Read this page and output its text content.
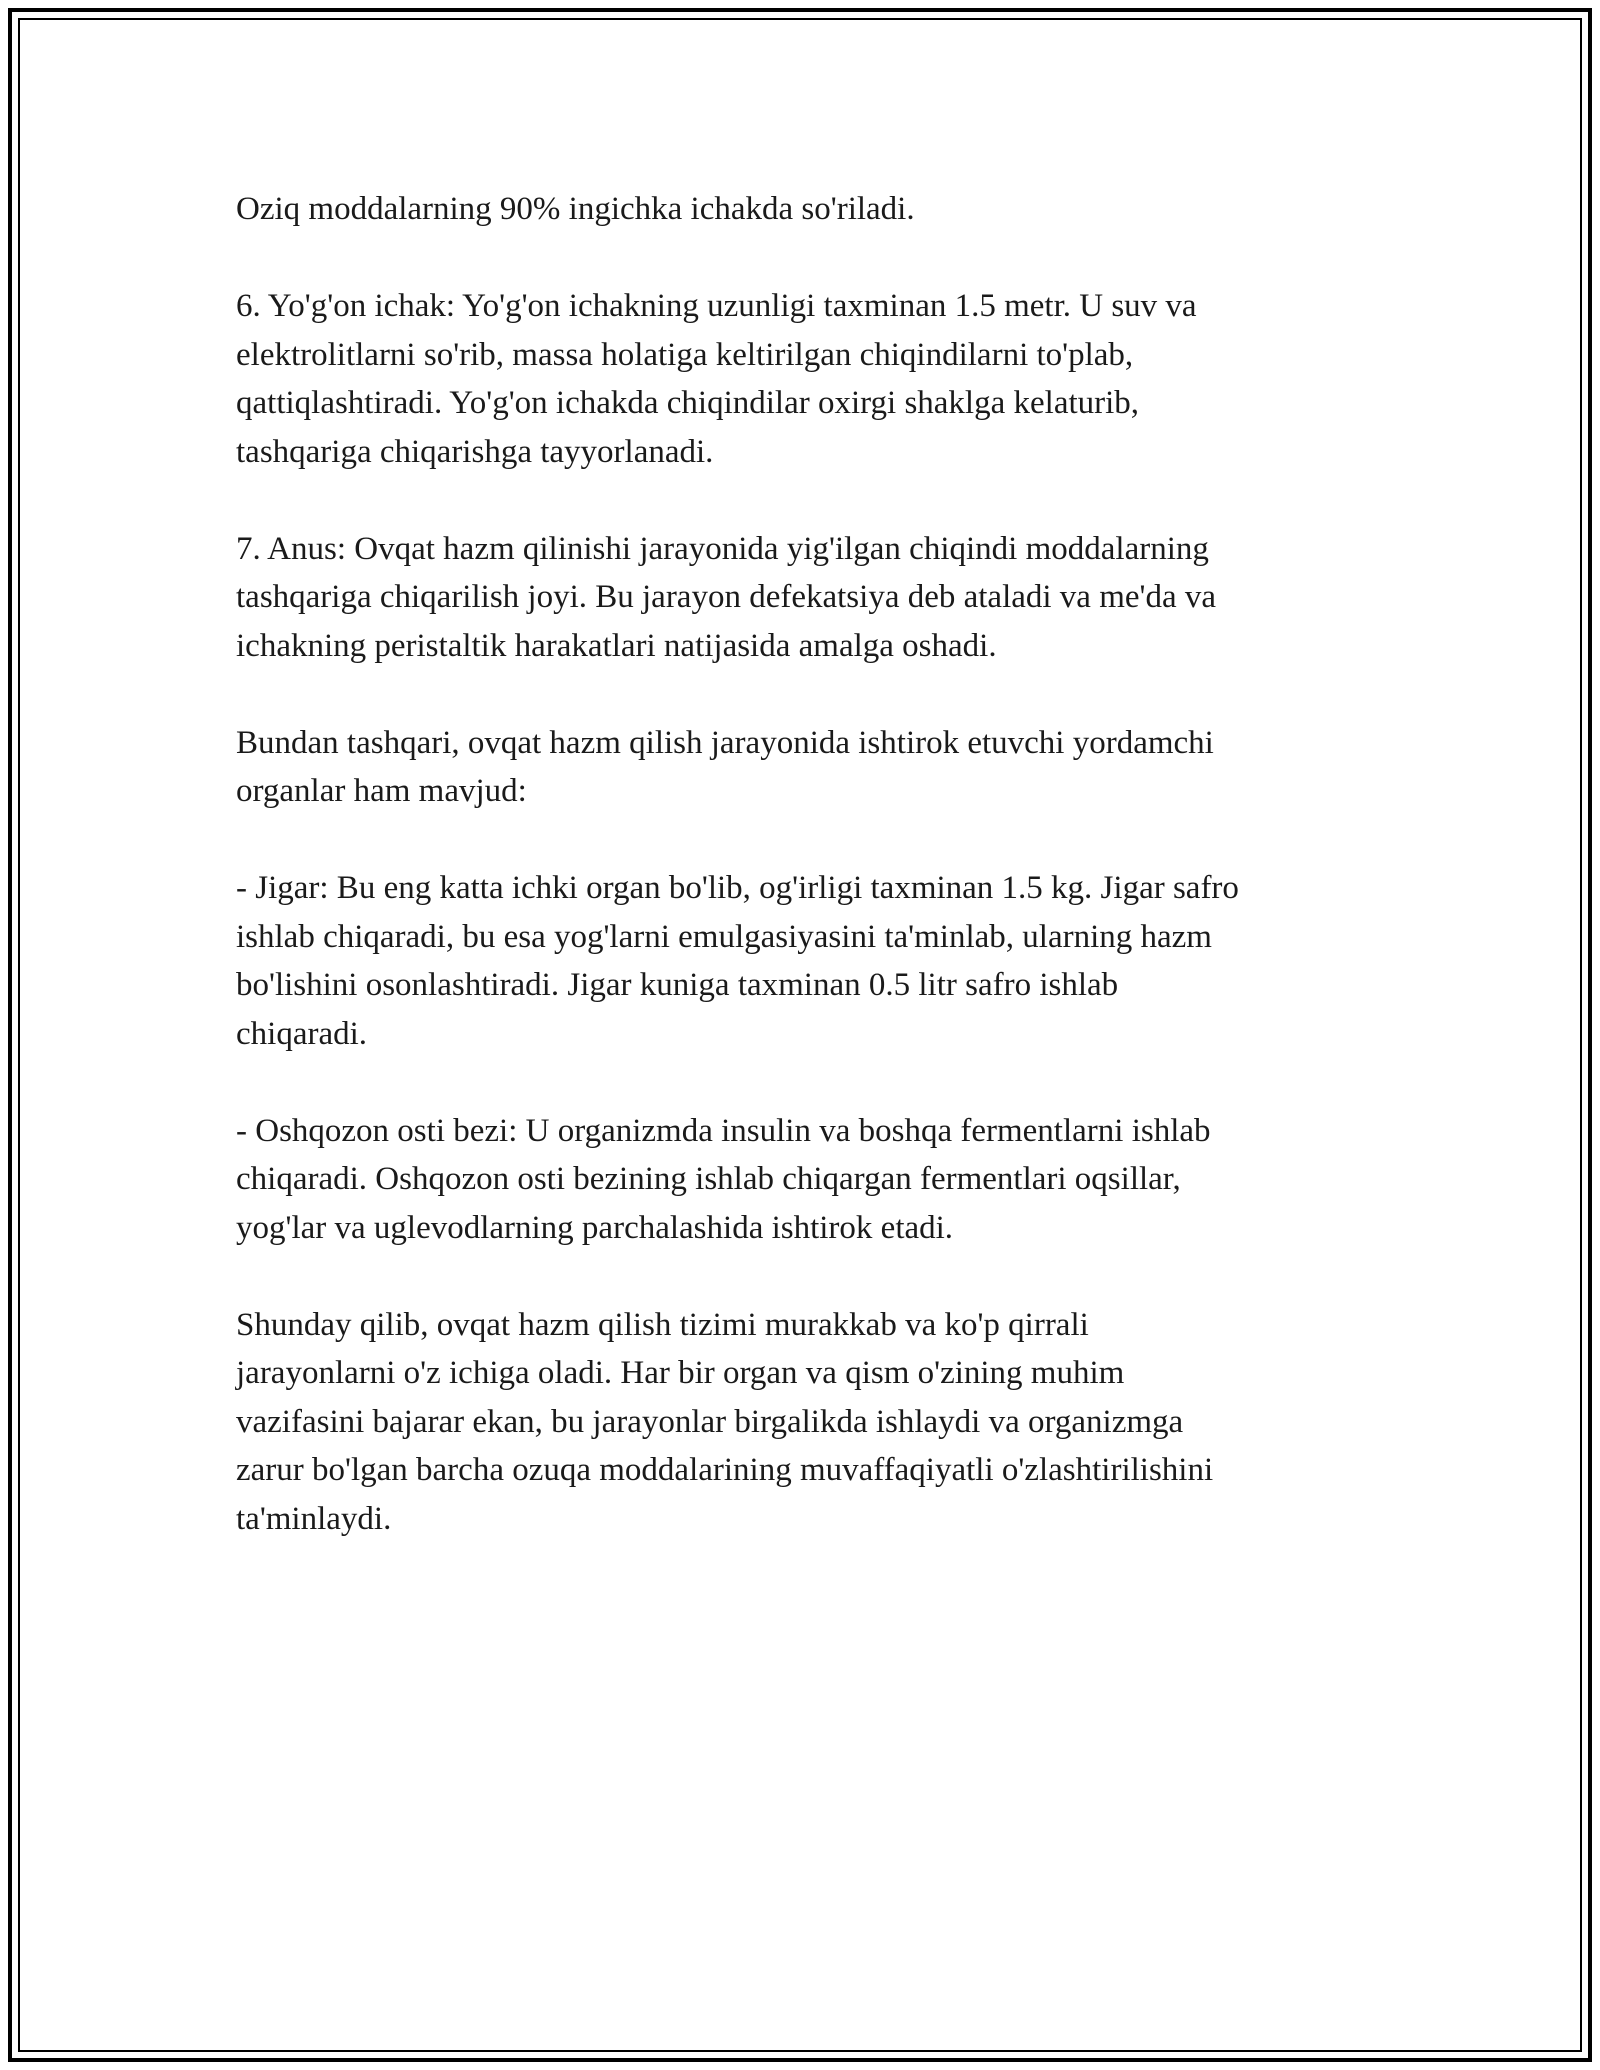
Oziq moddalarning 90% ingichka ichakda so'riladi.

6. Yo'g'on ichak: Yo'g'on ichakning uzunligi taxminan 1.5 metr. U suv va
elektrolitlarni so'rib, massa holatiga keltirilgan chiqindilarni to'plab,
qattiqlashtiradi. Yo'g'on ichakda chiqindilar oxirgi shaklga kelaturib,
tashqariga chiqarishga tayyorlanadi.

7. Anus: Ovqat hazm qilinishi jarayonida yig'ilgan chiqindi moddalarning
tashqariga chiqarilish joyi. Bu jarayon defekatsiya deb ataladi va me'da va
ichakning peristaltik harakatlari natijasida amalga oshadi.

Bundan tashqari, ovqat hazm qilish jarayonida ishtirok etuvchi yordamchi
organlar ham mavjud:

- Jigar: Bu eng katta ichki organ bo'lib, og'irligi taxminan 1.5 kg. Jigar safro
ishlab chiqaradi, bu esa yog'larni emulgasiyasini ta'minlab, ularning hazm
bo'lishini osonlashtiradi. Jigar kuniga taxminan 0.5 litr safro ishlab
chiqaradi.

- Oshqozon osti bezi: U organizmda insulin va boshqa fermentlarni ishlab
chiqaradi. Oshqozon osti bezining ishlab chiqargan fermentlari oqsillar,
yog'lar va uglevodlarning parchalashida ishtirok etadi.

Shunday qilib, ovqat hazm qilish tizimi murakkab va ko'p qirrali
jarayonlarni o'z ichiga oladi. Har bir organ va qism o'zining muhim
vazifasini bajarar ekan, bu jarayonlar birgalikda ishlaydi va organizmga
zarur bo'lgan barcha ozuqa moddalarining muvaffaqiyatli o'zlashtirilishini
ta'minlaydi.
